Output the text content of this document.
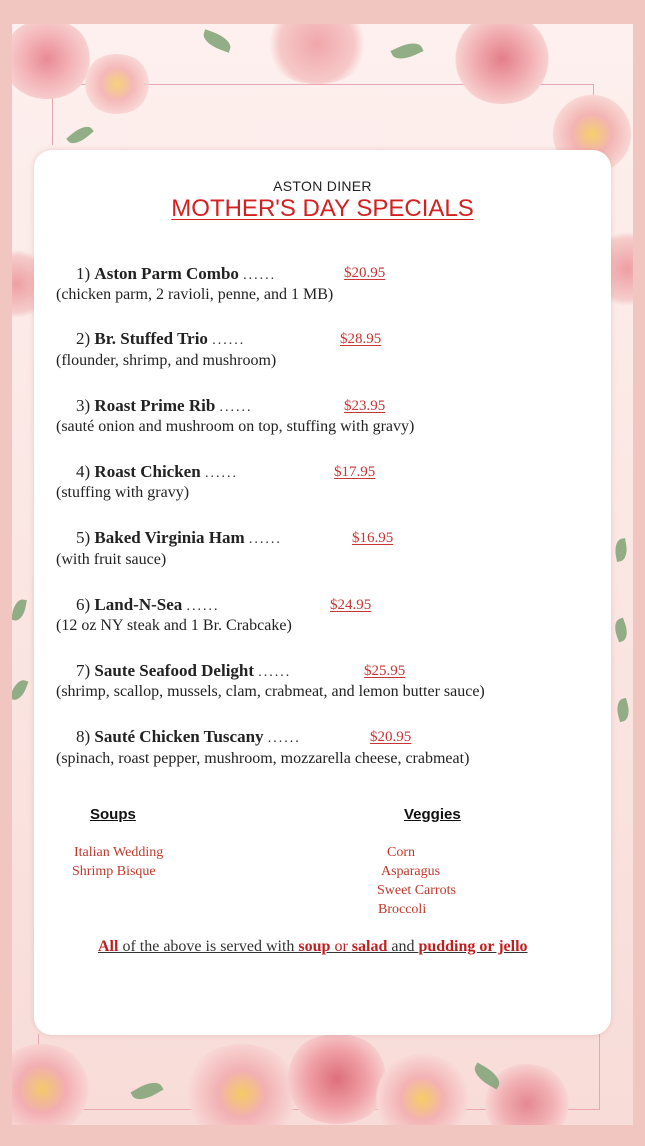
ASTON DINER
MOTHER'S DAY SPECIALS
1) Aston Parm Combo ......	$20.95
(chicken parm, 2 ravioli, penne, and 1 MB)
2) Br. Stuffed Trio ......	$28.95
(flounder, shrimp, and mushroom)
3) Roast Prime Rib ......	$23.95
(sauté onion and mushroom on top, stuffing with gravy)
4) Roast Chicken ......	$17.95
(stuffing with gravy)
5) Baked Virginia Ham ......	$16.95
(with fruit sauce)
6) Land-N-Sea ......	$24.95
(12 oz NY steak and 1 Br. Crabcake)
7) Saute Seafood Delight ......	$25.95
(shrimp, scallop, mussels, clam, crabmeat, and lemon butter sauce)
8) Sauté Chicken Tuscany ......	$20.95
(spinach, roast pepper, mushroom, mozzarella cheese, crabmeat)
Soups
Italian Wedding
Shrimp Bisque
Veggies
Corn
Asparagus
Sweet Carrots
Broccoli
All of the above is served with soup or salad and pudding or jello
